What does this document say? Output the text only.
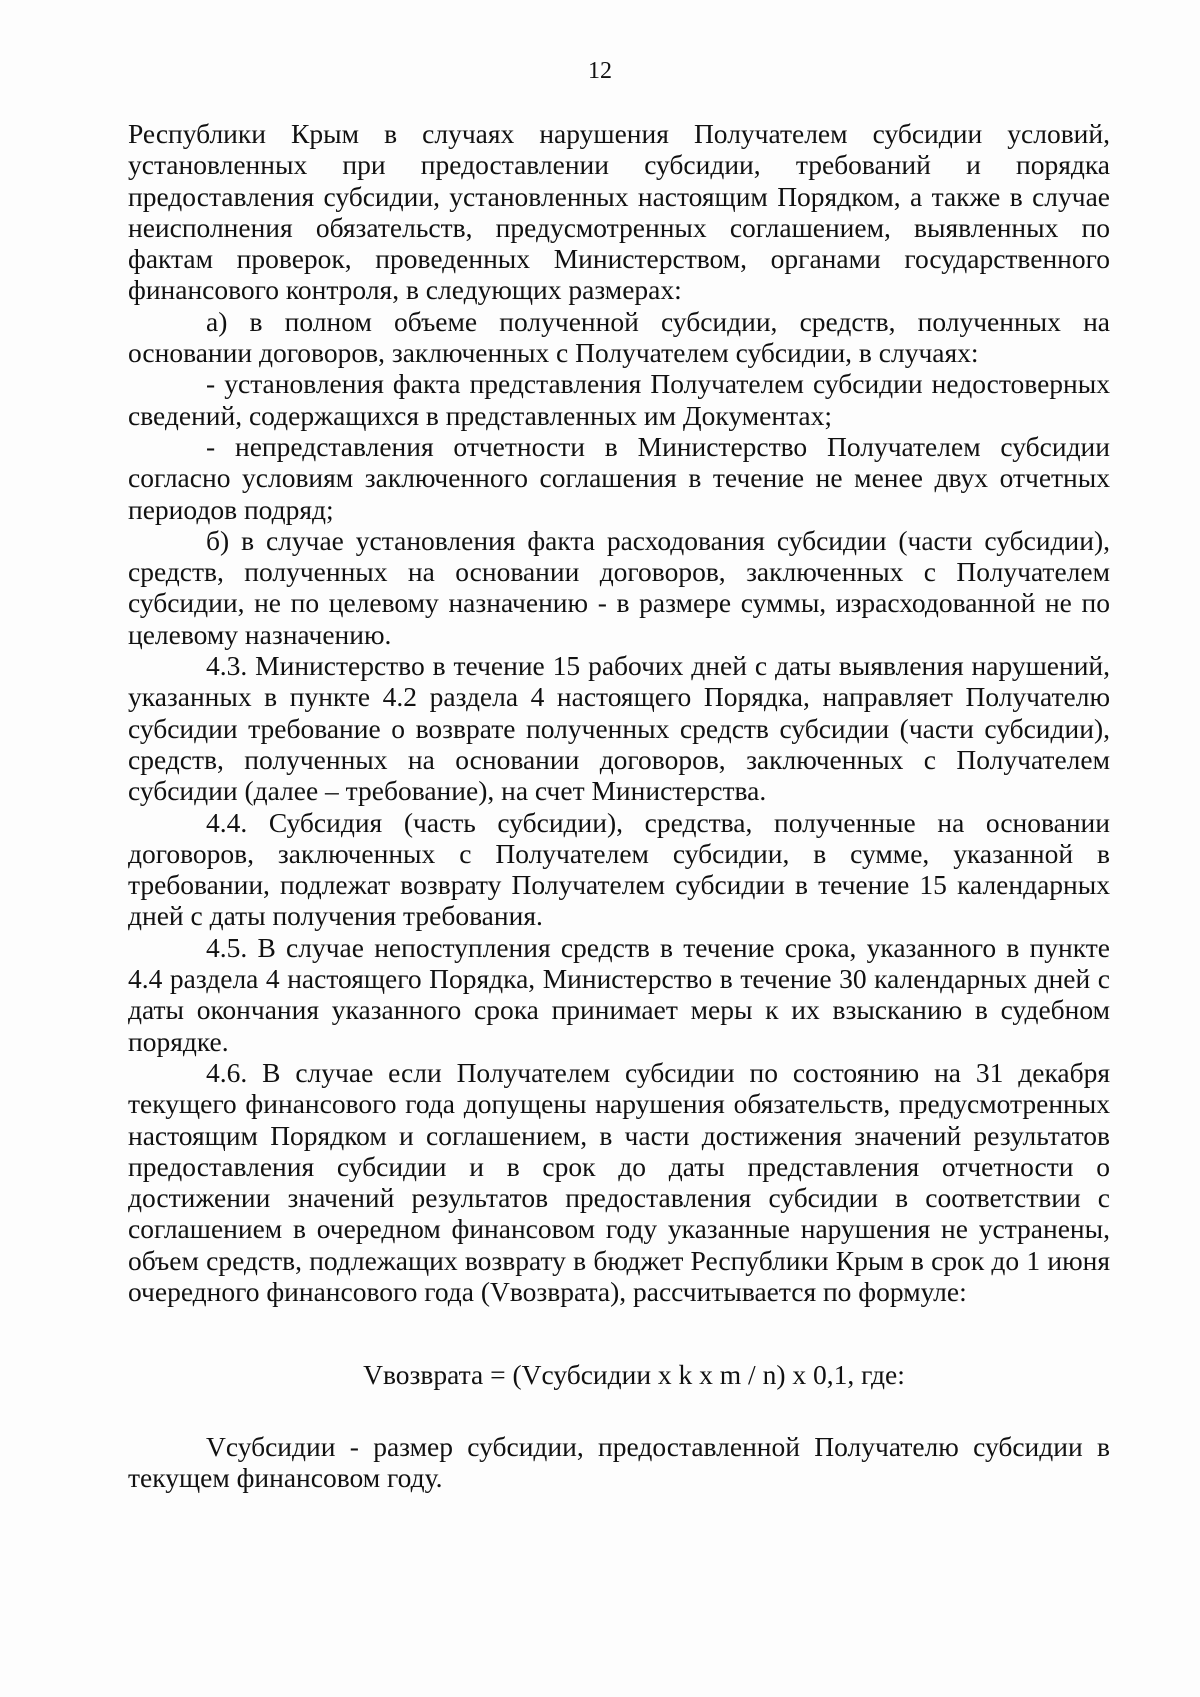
12

Республики Крым в случаях нарушения Получателем субсидии условий, установленных при предоставлении субсидии, требований и порядка предоставления субсидии, установленных настоящим Порядком, а также в случае неисполнения обязательств, предусмотренных соглашением, выявленных по фактам проверок, проведенных Министерством, органами государственного финансового контроля, в следующих размерах:

а) в полном объеме полученной субсидии, средств, полученных на основании договоров, заключенных с Получателем субсидии, в случаях:

- установления факта представления Получателем субсидии недостоверных сведений, содержащихся в представленных им Документах;

- непредставления отчетности в Министерство Получателем субсидии согласно условиям заключенного соглашения в течение не менее двух отчетных периодов подряд;

б) в случае установления факта расходования субсидии (части субсидии), средств, полученных на основании договоров, заключенных с Получателем субсидии, не по целевому назначению - в размере суммы, израсходованной не по целевому назначению.

4.3. Министерство в течение 15 рабочих дней с даты выявления нарушений, указанных в пункте 4.2 раздела 4 настоящего Порядка, направляет Получателю субсидии требование о возврате полученных средств субсидии (части субсидии), средств, полученных на основании договоров, заключенных с Получателем субсидии (далее – требование), на счет Министерства.

4.4. Субсидия (часть субсидии), средства, полученные на основании договоров, заключенных с Получателем субсидии, в сумме, указанной в требовании, подлежат возврату Получателем субсидии в течение 15 календарных дней с даты получения требования.

4.5. В случае непоступления средств в течение срока, указанного в пункте 4.4 раздела 4 настоящего Порядка, Министерство в течение 30 календарных дней с даты окончания указанного срока принимает меры к их взысканию в судебном порядке.

4.6. В случае если Получателем субсидии по состоянию на 31 декабря текущего финансового года допущены нарушения обязательств, предусмотренных настоящим Порядком и соглашением, в части достижения значений результатов предоставления субсидии и в срок до даты представления отчетности о достижении значений результатов предоставления субсидии в соответствии с соглашением в очередном финансовом году указанные нарушения не устранены, объем средств, подлежащих возврату в бюджет Республики Крым в срок до 1 июня очередного финансового года (Vвозврата), рассчитывается по формуле:

Vвозврата = (Vсубсидии x k x m / n) x 0,1, где:

Vсубсидии - размер субсидии, предоставленной Получателю субсидии в текущем финансовом году.
